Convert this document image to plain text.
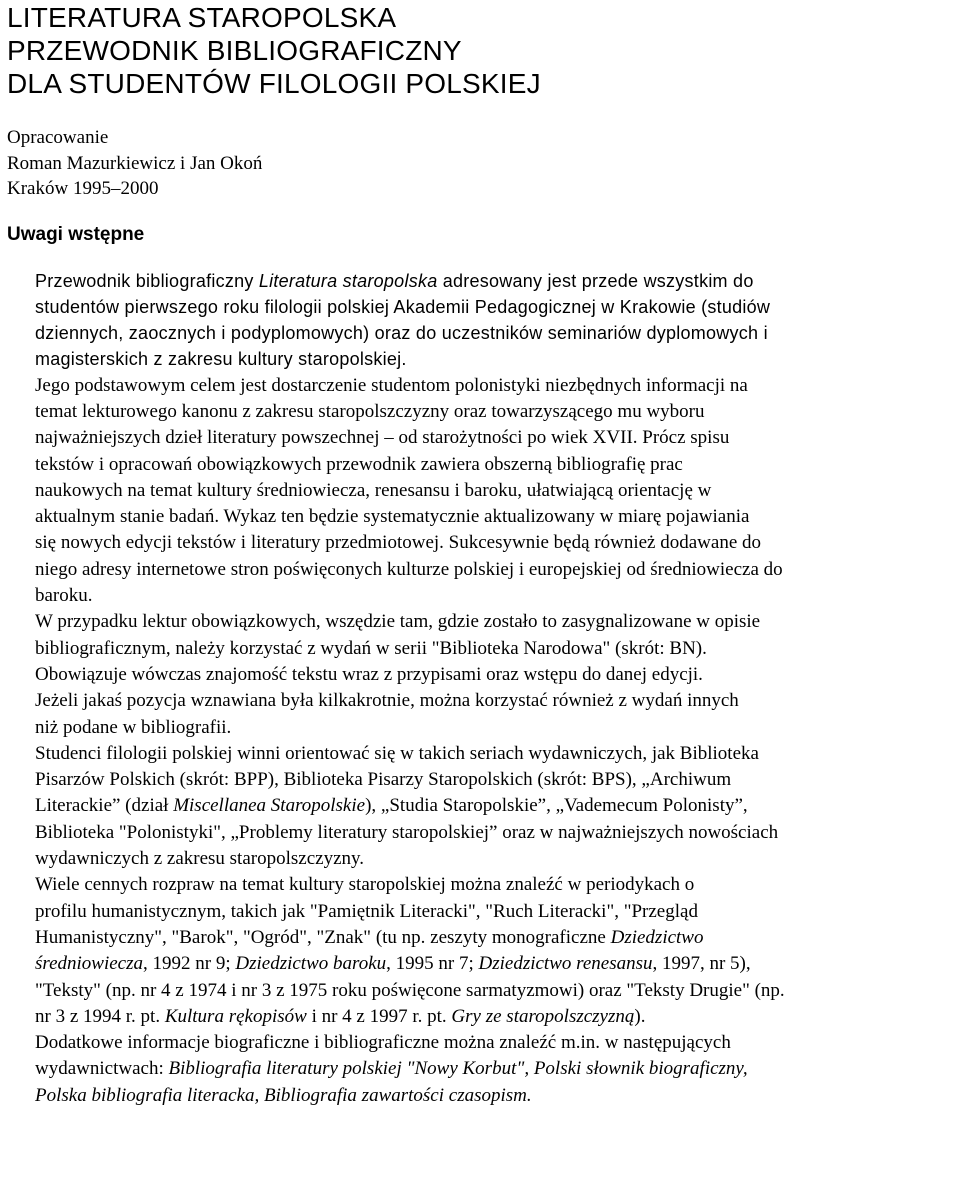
LITERATURA STAROPOLSKA
PRZEWODNIK BIBLIOGRAFICZNY
DLA STUDENTÓW FILOLOGII POLSKIEJ
Opracowanie
Roman Mazurkiewicz i Jan Okoń
Kraków 1995–2000
Uwagi wstępne

Przewodnik bibliograficzny Literatura staropolska adresowany jest przede wszystkim do
studentów pierwszego roku filologii polskiej Akademii Pedagogicznej w Krakowie (studiów
dziennych, zaocznych i podyplomowych) oraz do uczestników seminariów dyplomowych i
magisterskich z zakresu kultury staropolskiej.

Jego podstawowym celem jest dostarczenie studentom polonistyki niezbędnych informacji na
temat lekturowego kanonu z zakresu staropolszczyzny oraz towarzyszącego mu wyboru
najważniejszych dzieł literatury powszechnej – od starożytności po wiek XVII. Prócz spisu
tekstów i opracowań obowiązkowych przewodnik zawiera obszerną bibliografię prac
naukowych na temat kultury średniowiecza, renesansu i baroku, ułatwiającą orientację w
aktualnym stanie badań. Wykaz ten będzie systematycznie aktualizowany w miarę pojawiania
się nowych edycji tekstów i literatury przedmiotowej. Sukcesywnie będą również dodawane do
niego adresy internetowe stron poświęconych kulturze polskiej i europejskiej od średniowiecza do
baroku.

W przypadku lektur obowiązkowych, wszędzie tam, gdzie zostało to zasygnalizowane w opisie
bibliograficznym, należy korzystać z wydań w serii "Biblioteka Narodowa" (skrót: BN).
Obowiązuje wówczas znajomość tekstu wraz z przypisami oraz wstępu do danej edycji.
Jeżeli jakaś pozycja wznawiana była kilkakrotnie, można korzystać również z wydań innych
niż podane w bibliografii.

Studenci filologii polskiej winni orientować się w takich seriach wydawniczych, jak Biblioteka
Pisarzów Polskich (skrót: BPP), Biblioteka Pisarzy Staropolskich (skrót: BPS), „Archiwum
Literackie” (dział Miscellanea Staropolskie), „Studia Staropolskie”, „Vademecum Polonisty”,
Biblioteka "Polonistyki", „Problemy literatury staropolskiej” oraz w najważniejszych nowościach
wydawniczych z zakresu staropolszczyzny.

Wiele cennych rozpraw na temat kultury staropolskiej można znaleźć w periodykach o
profilu humanistycznym, takich jak "Pamiętnik Literacki", "Ruch Literacki", "Przegląd
Humanistyczny", "Barok", "Ogród", "Znak" (tu np. zeszyty monograficzne Dziedzictwo
średniowiecza, 1992 nr 9; Dziedzictwo baroku, 1995 nr 7; Dziedzictwo renesansu, 1997, nr 5),
"Teksty" (np. nr 4 z 1974 i nr 3 z 1975 roku poświęcone sarmatyzmowi) oraz "Teksty Drugie" (np.
nr 3 z 1994 r. pt. Kultura rękopisów i nr 4 z 1997 r. pt. Gry ze staropolszczyzną).

Dodatkowe informacje biograficzne i bibliograficzne można znaleźć m.in. w następujących
wydawnictwach: Bibliografia literatury polskiej "Nowy Korbut", Polski słownik biograficzny,
Polska bibliografia literacka, Bibliografia zawartości czasopism.
